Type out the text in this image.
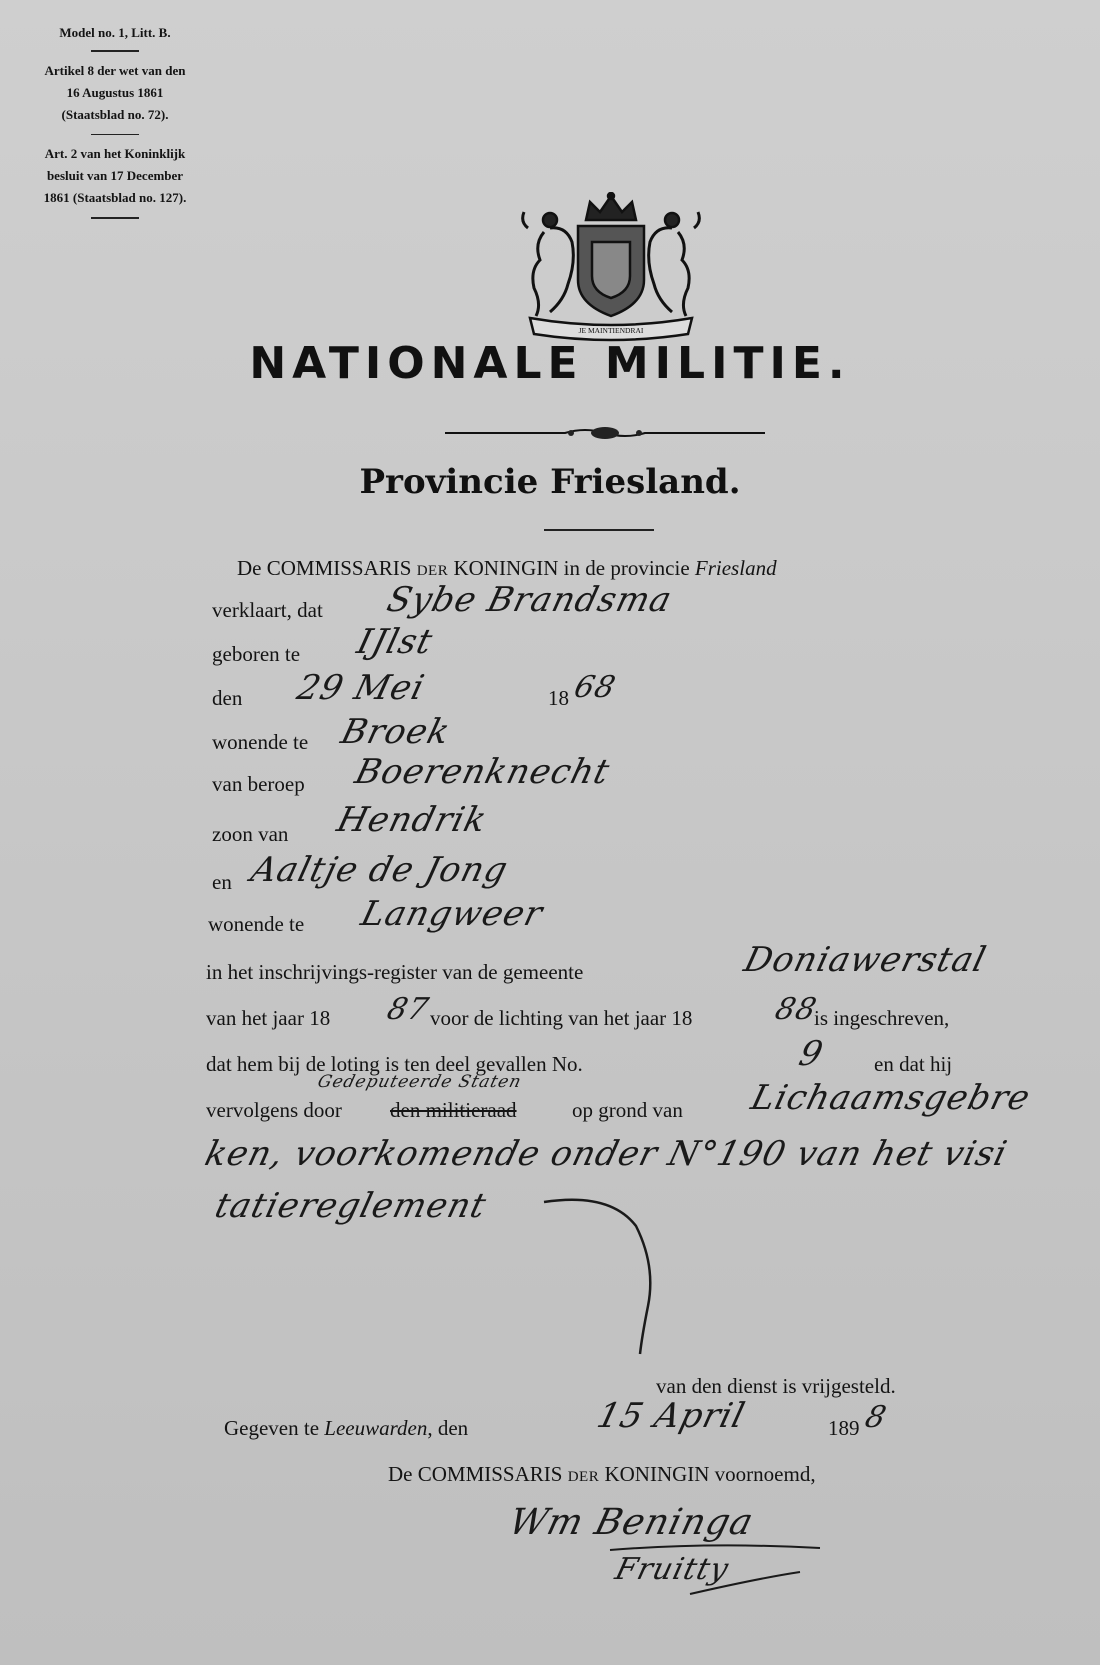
Model no. 1, Litt. B.
Artikel 8 der wet van den
16 Augustus 1861
(Staatsblad no. 72).
Art. 2 van het Koninklijk
besluit van 17 December
1861 (Staatsblad no. 127).
JE MAINTIENDRAI
NATIONALE MILITIE.
Provincie Friesland.
De COMMISSARIS DER KONINGIN in de provincie Friesland
verklaart, dat Sybe Brandsma
geboren te IJlst
den 29 Mei	18 68
wonende te Broek
van beroep Boerenknecht
zoon van Hendrik
en Aaltje de Jong
wonende te Langweer
in het inschrijvings-register van de gemeente	Doniawerstal
van het jaar 18 87
voor de lichting van het jaar 18	88
is ingeschreven,
dat hem bij de loting is ten deel gevallen No.	9 en dat hij
Gedeputeerde Staten
vervolgens door den militieraad	op grond van Lichaamsgebre
ken, voorkomende onder N°190 van het visi
tatiereglement
van den dienst is vrijgesteld.
Gegeven te Leeuwarden, den	15 April	189 8
De COMMISSARIS DER KONINGIN voornoemd,
Wm Beninga
Fruitty
